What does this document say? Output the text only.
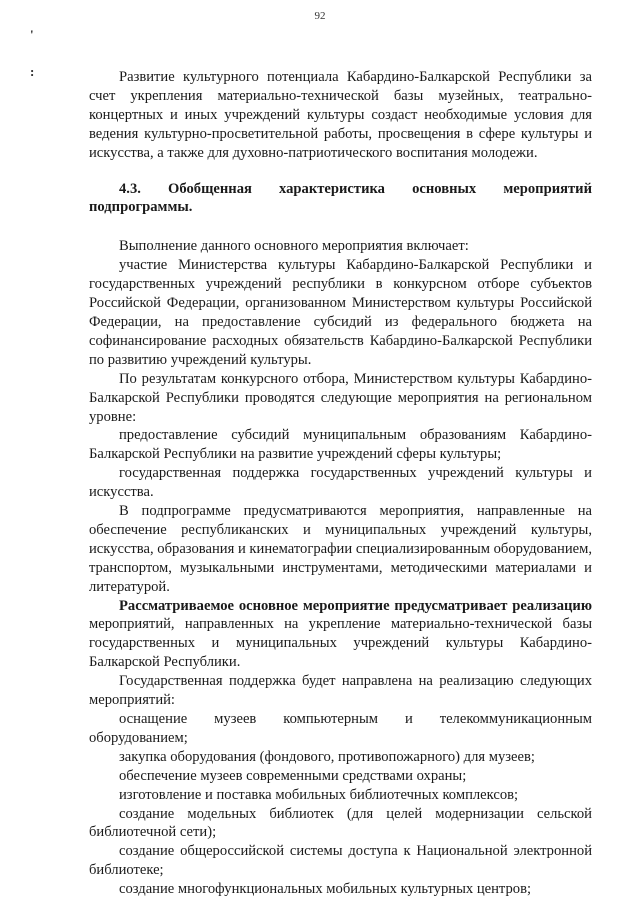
92
'
:	Развитие культурного потенциала Кабардино-Балкарской Республики за счет укрепления материально-технической базы музейных, театрально-концертных и иных учреждений культуры создаст необходимые условия для ведения культурно-просветительной работы, просвещения в сфере культуры и искусства, а также для духовно-патриотического воспитания молодежи.

4.3. Обобщенная характеристика основных мероприятий подпрограммы.

Выполнение данного основного мероприятия включает:

участие Министерства культуры Кабардино-Балкарской Республики и государственных учреждений республики в конкурсном отборе субъектов Российской Федерации, организованном Министерством культуры Российской Федерации, на предоставление субсидий из федерального бюджета на софинансирование расходных обязательств Кабардино-Балкарской Республики по развитию учреждений культуры.

По результатам конкурсного отбора, Министерством культуры Кабардино-Балкарской Республики проводятся следующие мероприятия на региональном уровне:

предоставление субсидий муниципальным образованиям Кабардино-Балкарской Республики на развитие учреждений сферы культуры;

государственная поддержка государственных учреждений культуры и искусства.

В подпрограмме предусматриваются мероприятия, направленные на обеспечение республиканских и муниципальных учреждений культуры, искусства, образования и кинематографии специализированным оборудованием, транспортом, музыкальными инструментами, методическими материалами и литературой.

Рассматриваемое основное мероприятие предусматривает реализацию мероприятий, направленных на укрепление материально-технической базы государственных и муниципальных учреждений культуры Кабардино-Балкарской Республики.

Государственная поддержка будет направлена на реализацию следующих мероприятий:

оснащение музеев компьютерным и телекоммуникационным оборудованием;

закупка оборудования (фондового, противопожарного) для музеев;

обеспечение музеев современными средствами охраны;

изготовление и поставка мобильных библиотечных комплексов;

создание модельных библиотек (для целей модернизации сельской библиотечной сети);

создание общероссийской системы доступа к Национальной электронной библиотеке;

создание многофункциональных мобильных культурных центров;
